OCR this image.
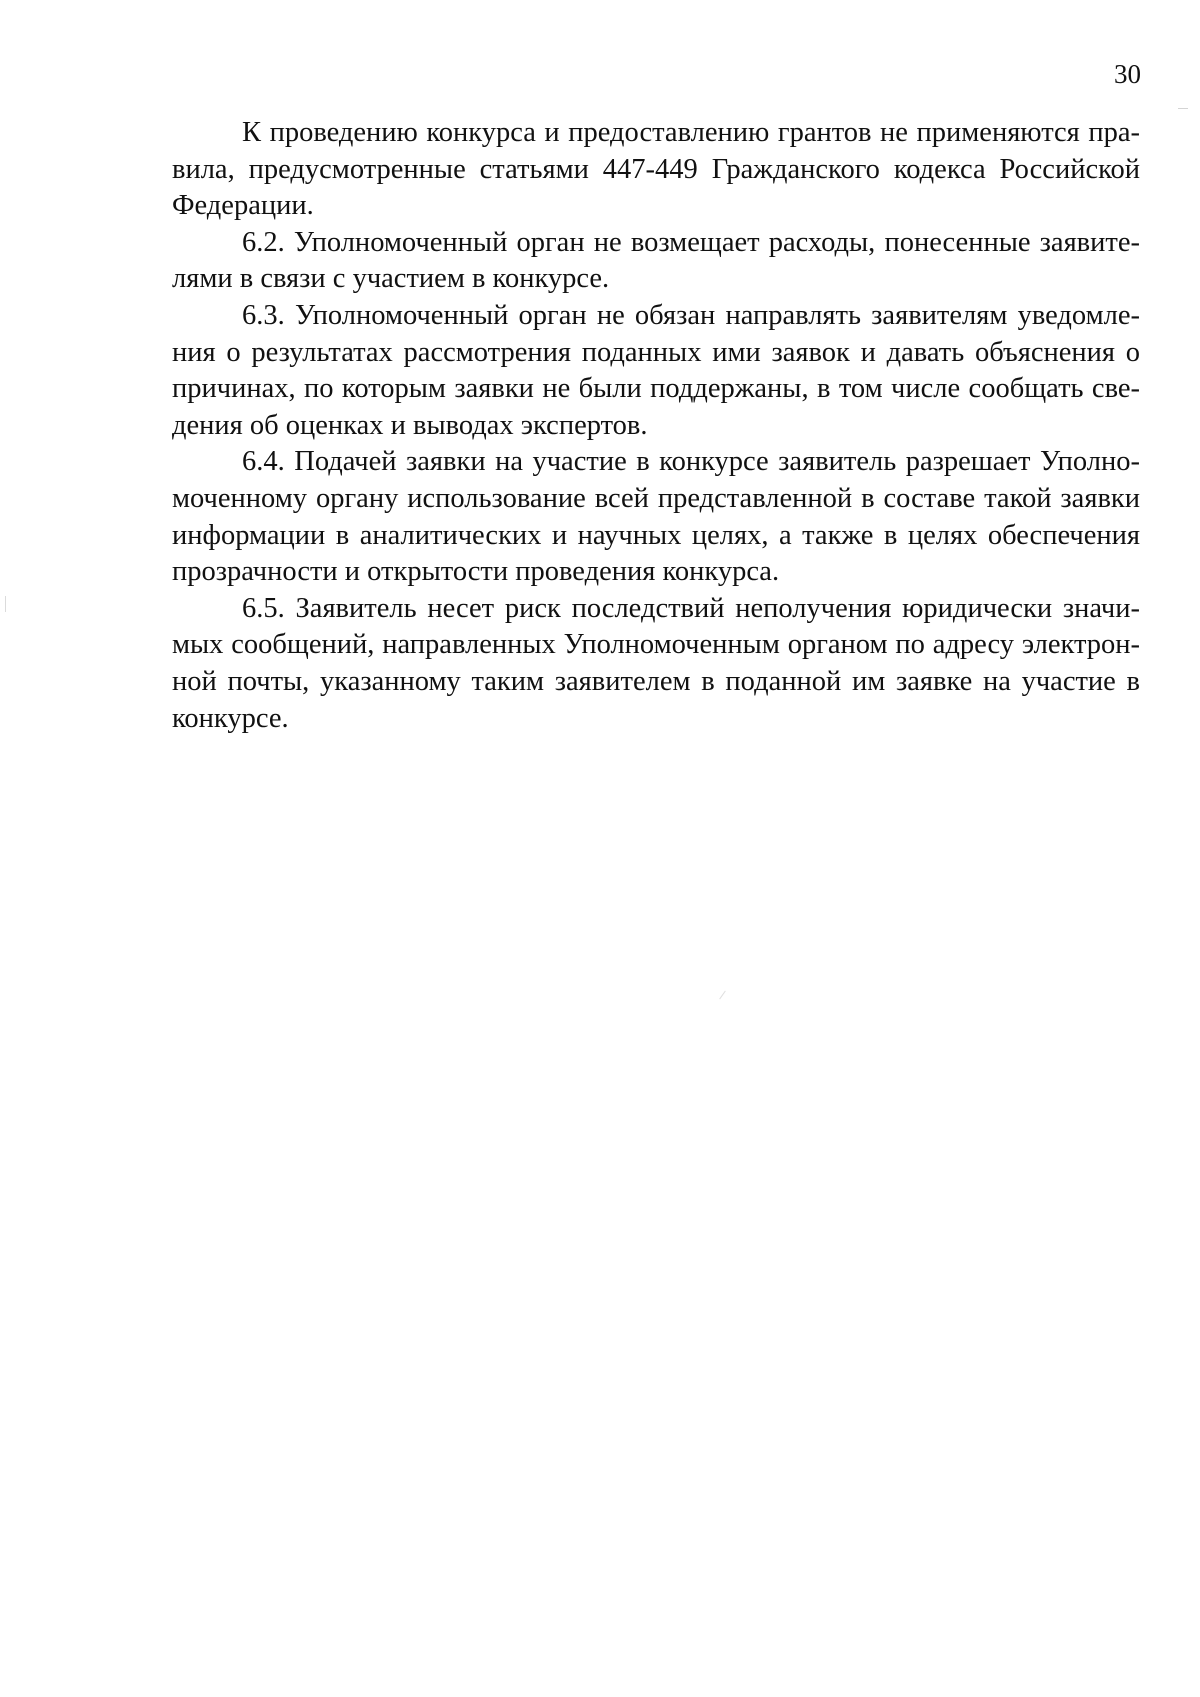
30

К проведению конкурса и предоставлению грантов не применяются пра-вила, предусмотренные статьями 447-449 Гражданского кодекса Российской Федерации.

6.2. Уполномоченный орган не возмещает расходы, понесенные заявите-лями в связи с участием в конкурсе.

6.3. Уполномоченный орган не обязан направлять заявителям уведомле-ния о результатах рассмотрения поданных ими заявок и давать объяснения о причинах, по которым заявки не были поддержаны, в том числе сообщать све-дения об оценках и выводах экспертов.

6.4. Подачей заявки на участие в конкурсе заявитель разрешает Уполно-моченному органу использование всей представленной в составе такой заявки информации в аналитических и научных целях, а также в целях обеспечения прозрачности и открытости проведения конкурса.

6.5. Заявитель несет риск последствий неполучения юридически значи-мых сообщений, направленных Уполномоченным органом по адресу электрон-ной почты, указанному таким заявителем в поданной им заявке на участие в конкурсе.
